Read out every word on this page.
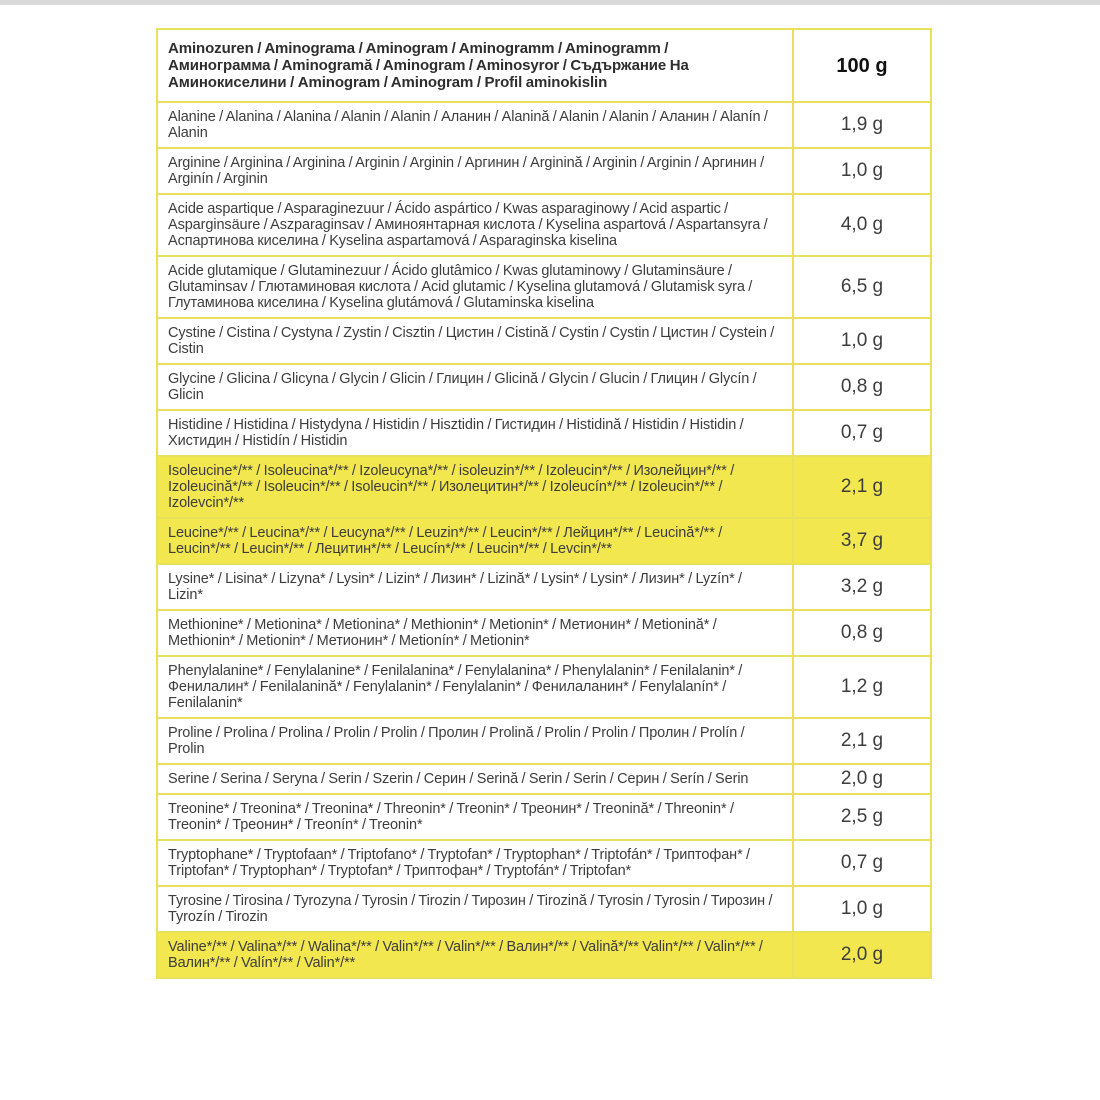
Aminozuren / Aminograma / Aminogram / Aminogramm / Aminogramm / Аминограмма / Aminogramă / Aminogram / Aminosyror / Съдържание На Аминокиселини / Aminogram / Aminogram / Profil aminokislin	100 g
Alanine / Alanina / Alanina / Alanin / Alanin / Аланин / Alanină / Alanin / Alanin / Аланин / Alanín / Alanin	1,9 g
Arginine / Arginina / Arginina / Arginin / Arginin / Аргинин / Arginină / Arginin / Arginin / Аргинин / Arginín / Arginin	1,0 g
Acide aspartique / Asparaginezuur / Ácido aspártico / Kwas asparaginowy / Acid aspartic / Asparginsäure / Aszparaginsav / Аминоянтарная кислота / Kyselina aspartová / Aspartansyra / Аспартинова киселина / Kyselina aspartamová / Asparaginska kiselina	4,0 g
Acide glutamique / Glutaminezuur / Ácido glutâmico / Kwas glutaminowy / Glutaminsäure / Glutaminsav / Глютаминовая кислота / Acid glutamic / Kyselina glutamová / Glutamisk syra / Глутаминова киселина / Kyselina glutámová / Glutaminska kiselina	6,5 g
Cystine / Cistina / Cystyna / Zystin / Cisztin / Цистин / Cistină / Cystin / Cystin / Цистин / Cystein / Cistin	1,0 g
Glycine / Glicina / Glicyna / Glycin / Glicin / Глицин / Glicină / Glycin / Glucin / Глицин / Glycín / Glicin	0,8 g
Histidine / Histidina / Histydyna / Histidin / Hisztidin / Гистидин / Histidină / Histidin / Histidin / Хистидин / Histidín / Histidin	0,7 g
Isoleucine*/** / Isoleucina*/** / Izoleucyna*/** / isoleuzin*/** / Izoleucin*/** / Изолейцин*/** / Izoleucină*/** / Isoleucin*/** / Isoleucin*/** / Изолецитин*/** / Izoleucín*/** / Izoleucin*/** / Izolevcin*/**	2,1 g
Leucine*/** / Leucina*/** / Leucyna*/** / Leuzin*/** / Leucin*/** / Лейцин*/** / Leucină*/** / Leucin*/** / Leucin*/** / Лецитин*/** / Leucín*/** / Leucin*/** / Levcin*/**	3,7 g
Lysine* / Lisina* / Lizyna* / Lysin* / Lizin* / Лизин* / Lizină* / Lysin* / Lysin* / Лизин* / Lyzín* / Lizin*	3,2 g
Methionine* / Metionina* / Metionina* / Methionin* / Metionin* / Метионин* / Metionină* / Methionin* / Metionin* / Метионин* / Metionín* / Metionin*	0,8 g
Phenylalanine* / Fenylalanine* / Fenilalanina* / Fenylalanina* / Phenylalanin* / Fenilalanin* / Фенилалин* / Fenilalanină* / Fenylalanin* / Fenylalanin* / Фенилаланин* / Fenylalanín* / Fenilalanin*	1,2 g
Proline / Prolina / Prolina / Prolin / Prolin / Пролин / Prolină / Prolin / Prolin / Пролин / Prolín / Prolin	2,1 g
Serine / Serina / Seryna / Serin / Szerin / Серин / Serină / Serin / Serin / Серин / Serín / Serin	2,0 g
Treonine* / Treonina* / Treonina* / Threonin* / Treonin* / Треонин* / Treonină* / Threonin* / Treonin* / Треонин* / Treonín* / Treonin*	2,5 g
Tryptophane* / Tryptofaan* / Triptofano* / Tryptofan* / Tryptophan* / Triptofán* / Триптофан* / Triptofan* / Tryptophan* / Tryptofan* / Триптофан* / Tryptofán* / Triptofan*	0,7 g
Tyrosine / Tirosina / Tyrozyna / Tyrosin / Tirozin / Тирозин / Tirozină / Tyrosin / Tyrosin / Тирозин / Tyrozín / Tirozin	1,0 g
Valine*/** / Valina*/** / Walina*/** / Valin*/** / Valin*/** / Валин*/** / Valină*/** Valin*/** / Valin*/** / Валин*/** / Valín*/** / Valin*/**	2,0 g
